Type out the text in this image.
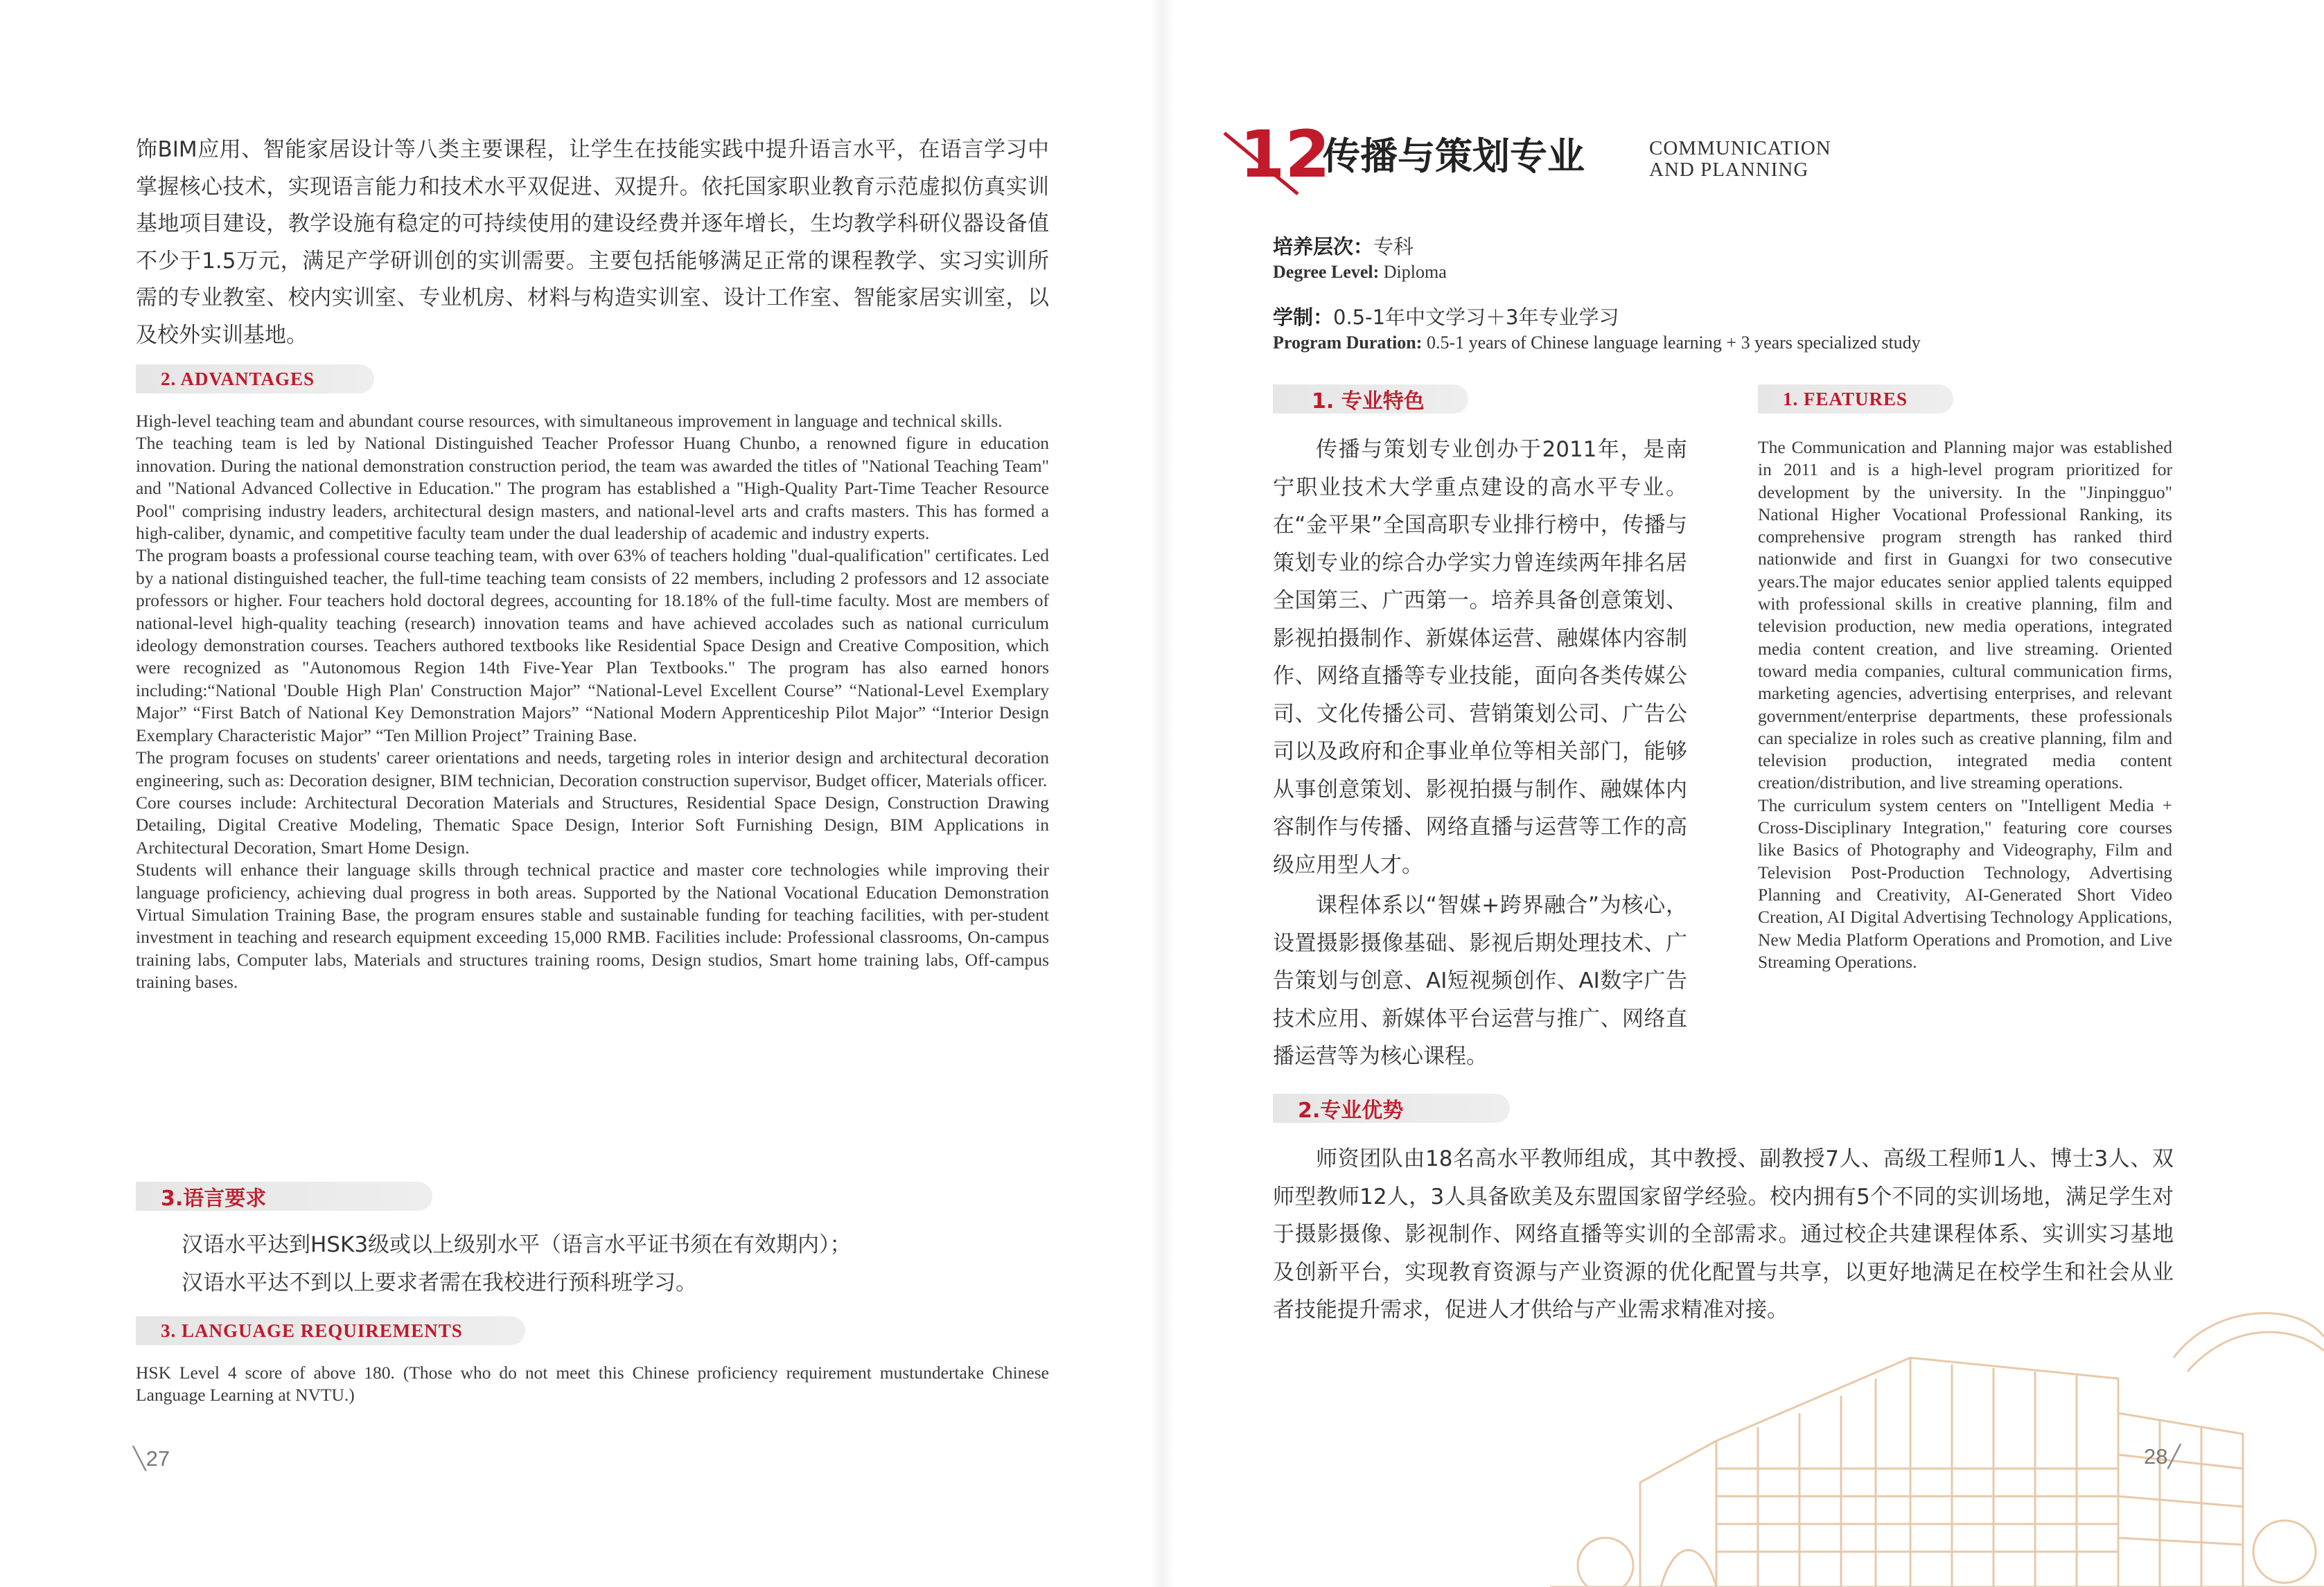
饰BIM应用、智能家居设计等八类主要课程，让学生在技能实践中提升语言水平，在语言学习中掌握核心技术，实现语言能力和技术水平双促进、双提升。依托国家职业教育示范虚拟仿真实训基地项目建设，教学设施有稳定的可持续使用的建设经费并逐年增长，生均教学科研仪器设备值不少于1.5万元，满足产学研训创的实训需要。主要包括能够满足正常的课程教学、实习实训所需的专业教室、校内实训室、专业机房、材料与构造实训室、设计工作室、智能家居实训室，以及校外实训基地。

2. ADVANTAGES

High-level teaching team and abundant course resources, with simultaneous improvement in language and technical skills.

The teaching team is led by National Distinguished Teacher Professor Huang Chunbo, a renowned figure in education innovation. During the national demonstration construction period, the team was awarded the titles of "National Teaching Team" and "National Advanced Collective in Education." The program has established a "High-Quality Part-Time Teacher Resource Pool" comprising industry leaders, architectural design masters, and national-level arts and crafts masters. This has formed a high-caliber, dynamic, and competitive faculty team under the dual leadership of academic and industry experts.

The program boasts a professional course teaching team, with over 63% of teachers holding "dual-qualification" certificates. Led by a national distinguished teacher, the full-time teaching team consists of 22 members, including 2 professors and 12 associate professors or higher. Four teachers hold doctoral degrees, accounting for 18.18% of the full-time faculty. Most are members of national-level high-quality teaching (research) innovation teams and have achieved accolades such as national curriculum ideology demonstration courses. Teachers authored textbooks like Residential Space Design and Creative Composition, which were recognized as "Autonomous Region 14th Five-Year Plan Textbooks." The program has also earned honors including:“National 'Double High Plan' Construction Major” “National-Level Excellent Course” “National-Level Exemplary Major” “First Batch of National Key Demonstration Majors” “National Modern Apprenticeship Pilot Major” “Interior Design Exemplary Characteristic Major” “Ten Million Project” Training Base.

The program focuses on students' career orientations and needs, targeting roles in interior design and architectural decoration engineering, such as: Decoration designer, BIM technician, Decoration construction supervisor, Budget officer, Materials officer.

Core courses include: Architectural Decoration Materials and Structures, Residential Space Design, Construction Drawing Detailing, Digital Creative Modeling, Thematic Space Design, Interior Soft Furnishing Design, BIM Applications in Architectural Decoration, Smart Home Design.

Students will enhance their language skills through technical practice and master core technologies while improving their language proficiency, achieving dual progress in both areas. Supported by the National Vocational Education Demonstration Virtual Simulation Training Base, the program ensures stable and sustainable funding for teaching facilities, with per-student investment in teaching and research equipment exceeding 15,000 RMB. Facilities include: Professional classrooms, On-campus training labs, Computer labs, Materials and structures training rooms, Design studios, Smart home training labs, Off-campus training bases.

3.语言要求

汉语水平达到HSK3级或以上级别水平（语言水平证书须在有效期内）；

汉语水平达不到以上要求者需在我校进行预科班学习。

3. LANGUAGE REQUIREMENTS

HSK Level 4 score of above 180. (Those who do not meet this Chinese proficiency requirement mustundertake Chinese Language Learning at NVTU.)

╲27
12
传播与策划专业	COMMUNICATION
AND PLANNING
培养层次：专科
Degree Level: Diploma
学制：0.5-1年中文学习＋3年专业学习
Program Duration: 0.5-1 years of Chinese language learning + 3 years specialized study
1. 专业特色	1. FEATURES

传播与策划专业创办于2011年，是南宁职业技术大学重点建设的高水平专业。在“金平果”全国高职专业排行榜中，传播与策划专业的综合办学实力曾连续两年排名居全国第三、广西第一。培养具备创意策划、影视拍摄制作、新媒体运营、融媒体内容制作、网络直播等专业技能，面向各类传媒公司、文化传播公司、营销策划公司、广告公司以及政府和企事业单位等相关部门，能够从事创意策划、影视拍摄与制作、融媒体内容制作与传播、网络直播与运营等工作的高级应用型人才。

课程体系以“智媒+跨界融合”为核心，设置摄影摄像基础、影视后期处理技术、广告策划与创意、AI短视频创作、AI数字广告技术应用、新媒体平台运营与推广、网络直播运营等为核心课程。

The Communication and Planning major was established in 2011 and is a high-level program prioritized for development by the university. In the "Jinpingguo" National Higher Vocational Professional Ranking, its comprehensive program strength has ranked third nationwide and first in Guangxi for two consecutive years.The major educates senior applied talents equipped with professional skills in creative planning, film and television production, new media operations, integrated media content creation, and live streaming. Oriented toward media companies, cultural communication firms, marketing agencies, advertising enterprises, and relevant government/enterprise departments, these professionals can specialize in roles such as creative planning, film and television production, integrated media content creation/distribution, and live streaming operations.

The curriculum system centers on "Intelligent Media + Cross-Disciplinary Integration," featuring core courses like Basics of Photography and Videography, Film and Television Post-Production Technology, Advertising Planning and Creativity, AI-Generated Short Video Creation, AI Digital Advertising Technology Applications, New Media Platform Operations and Promotion, and Live Streaming Operations.

2.专业优势

师资团队由18名高水平教师组成，其中教授、副教授7人、高级工程师1人、博士3人、双师型教师12人，3人具备欧美及东盟国家留学经验。校内拥有5个不同的实训场地，满足学生对于摄影摄像、影视制作、网络直播等实训的全部需求。通过校企共建课程体系、实训实习基地及创新平台，实现教育资源与产业资源的优化配置与共享，以更好地满足在校学生和社会从业者技能提升需求，促进人才供给与产业需求精准对接。

28╱
